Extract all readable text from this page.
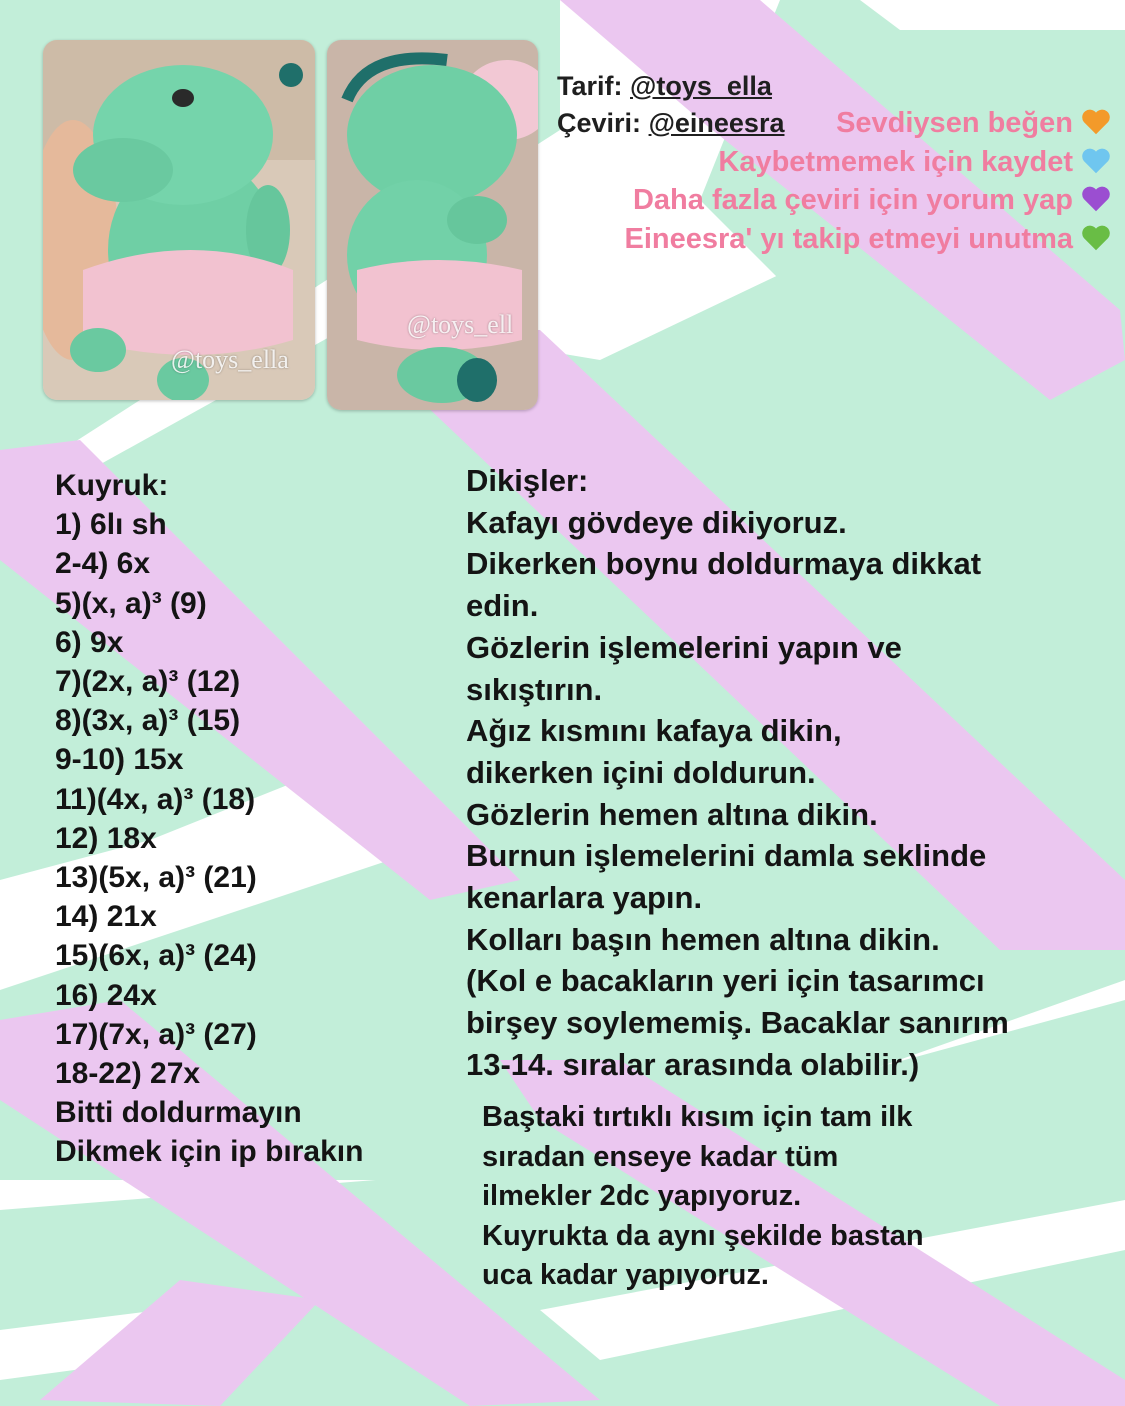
@toys_ella
@toys_ell
Tarif: @toys_ella
Çeviri: @eineesra	Sevdiysen beğen
Kaybetmemek için kaydet
Daha fazla çeviri için yorum yap
Eineesra' yı takip etmeyi unutma
Kuyruk:
1) 6lı sh
2-4) 6x
5)(x, a)³ (9)
6) 9x
7)(2x, a)³ (12)
8)(3x, a)³ (15)
9-10) 15x
11)(4x, a)³ (18)
12) 18x
13)(5x, a)³ (21)
14) 21x
15)(6x, a)³ (24)
16) 24x
17)(7x, a)³ (27)
18-22) 27x
Bitti doldurmayın
Dikmek için ip bırakın
Dikişler:
Kafayı gövdeye dikiyoruz.
Dikerken boynu doldurmaya dikkat
edin.
Gözlerin işlemelerini yapın ve
sıkıştırın.
Ağız kısmını kafaya dikin,
dikerken içini doldurun.
Gözlerin hemen altına dikin.
Burnun işlemelerini damla seklinde
kenarlara yapın.
Kolları başın hemen altına dikin.
(Kol e bacakların yeri için tasarımcı
birşey soylememiş. Bacaklar sanırım
13-14. sıralar arasında olabilir.)
Baştaki tırtıklı kısım için tam ilk
sıradan enseye kadar tüm
ilmekler 2dc yapıyoruz.
Kuyrukta da aynı şekilde bastan
uca kadar yapıyoruz.
